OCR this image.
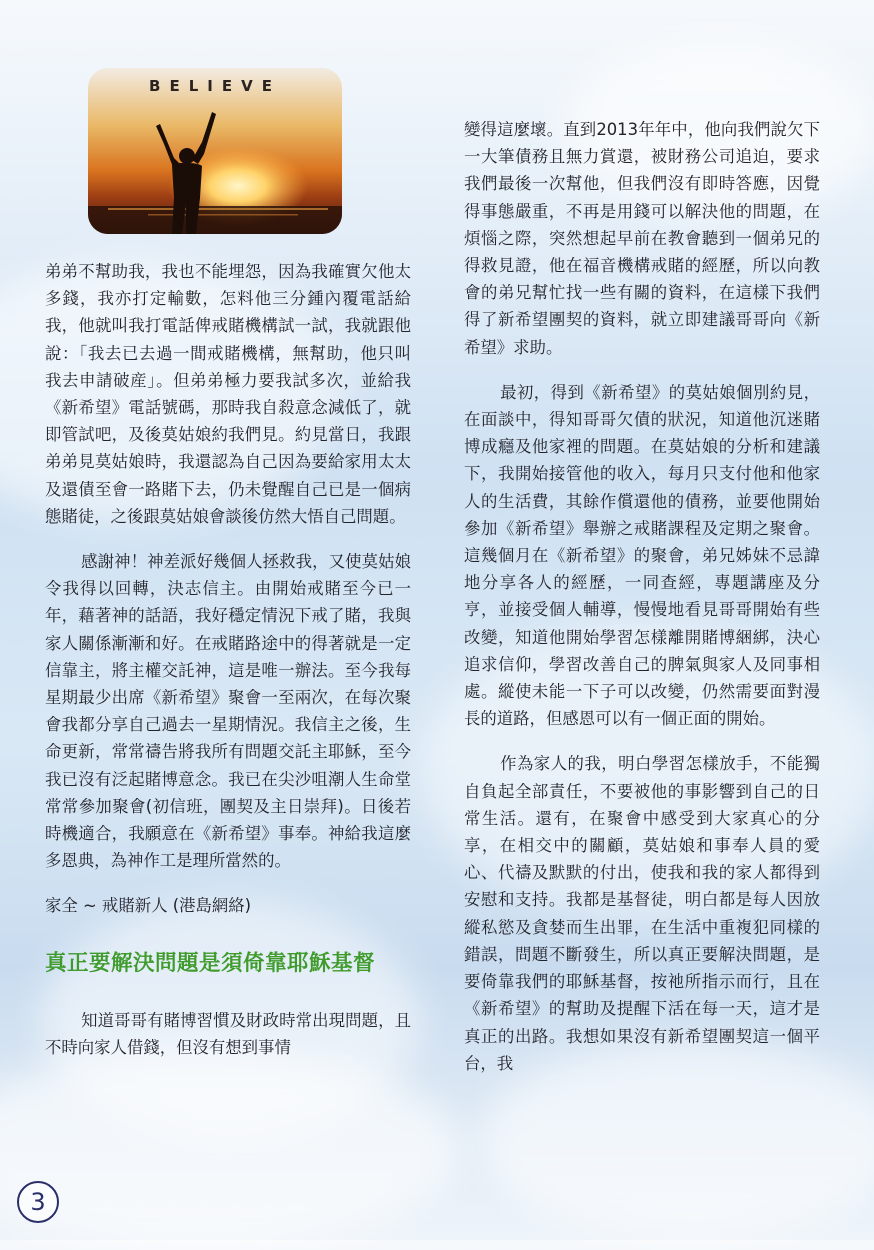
BELIEVE

弟弟不幫助我，我也不能埋怨，因為我確實欠他太多錢，我亦打定輸數，怎料他三分鍾內覆電話給我，他就叫我打電話俾戒賭機構試一試，我就跟他說：「我去已去過一間戒賭機構，無幫助，他只叫我去申請破産」。但弟弟極力要我試多次，並給我《新希望》電話號碼，那時我自殺意念減低了，就即管試吧，及後莫姑娘約我們見。約見當日，我跟弟弟見莫姑娘時，我還認為自己因為要給家用太太及還債至會一路賭下去，仍未覺醒自己已是一個病態賭徒，之後跟莫姑娘會談後仿然大悟自己問題。

感謝神！神差派好幾個人拯救我，又使莫姑娘令我得以回轉，決志信主。由開始戒賭至今已一年，藉著神的話語，我好穩定情況下戒了賭，我與家人關係漸漸和好。在戒賭路途中的得著就是一定信靠主，將主權交託神，這是唯一辦法。至今我每星期最少出席《新希望》聚會一至兩次，在每次聚會我都分享自己過去一星期情況。我信主之後，生命更新，常常禱告將我所有問題交託主耶穌，至今我已沒有泛起賭博意念。我已在尖沙咀潮人生命堂常常參加聚會(初信班，團契及主日崇拜)。日後若時機適合，我願意在《新希望》事奉。神給我這麼多恩典，為神作工是理所當然的。

家全 ~ 戒賭新人 (港島網絡)
真正要解決問題是須倚靠耶穌基督

知道哥哥有賭博習慣及財政時常出現問題，且不時向家人借錢，但沒有想到事情

變得這麼壞。直到2013年年中，他向我們說欠下一大筆債務且無力賞還，被財務公司追迫，要求我們最後一次幫他，但我們沒有即時答應，因覺得事態嚴重，不再是用錢可以解決他的問題，在煩惱之際，突然想起早前在教會聽到一個弟兄的得救見證，他在福音機構戒賭的經歷，所以向教會的弟兄幫忙找一些有關的資料，在這樣下我們得了新希望團契的資料，就立即建議哥哥向《新希望》求助。

最初，得到《新希望》的莫姑娘個別約見，在面談中，得知哥哥欠債的狀況，知道他沉迷賭博成癮及他家裡的問題。在莫姑娘的分析和建議下，我開始接管他的收入，每月只支付他和他家人的生活費，其餘作償還他的債務，並要他開始參加《新希望》舉辦之戒賭課程及定期之聚會。這幾個月在《新希望》的聚會，弟兄姊妹不忌諱地分享各人的經歷，一同查經，專題講座及分亨，並接受個人輔導，慢慢地看見哥哥開始有些改變，知道他開始學習怎樣離開賭博綑綁，決心追求信仰，學習改善自己的脾氣與家人及同事相處。縱使未能一下子可以改變，仍然需要面對漫長的道路，但感恩可以有一個正面的開始。

作為家人的我，明白學習怎樣放手，不能獨自負起全部責任，不要被他的事影響到自己的日常生活。還有，在聚會中感受到大家真心的分享，在相交中的關顧，莫姑娘和事奉人員的愛心、代禱及默默的付出，使我和我的家人都得到安慰和支持。我都是基督徒，明白都是每人因放縱私慾及貪婪而生出罪，在生活中重複犯同樣的錯誤，問題不斷發生，所以真正要解決問題，是要倚靠我們的耶穌基督，按祂所指示而行，且在《新希望》的幫助及提醒下活在每一天，這才是真正的出路。我想如果沒有新希望團契這一個平台，我

3
